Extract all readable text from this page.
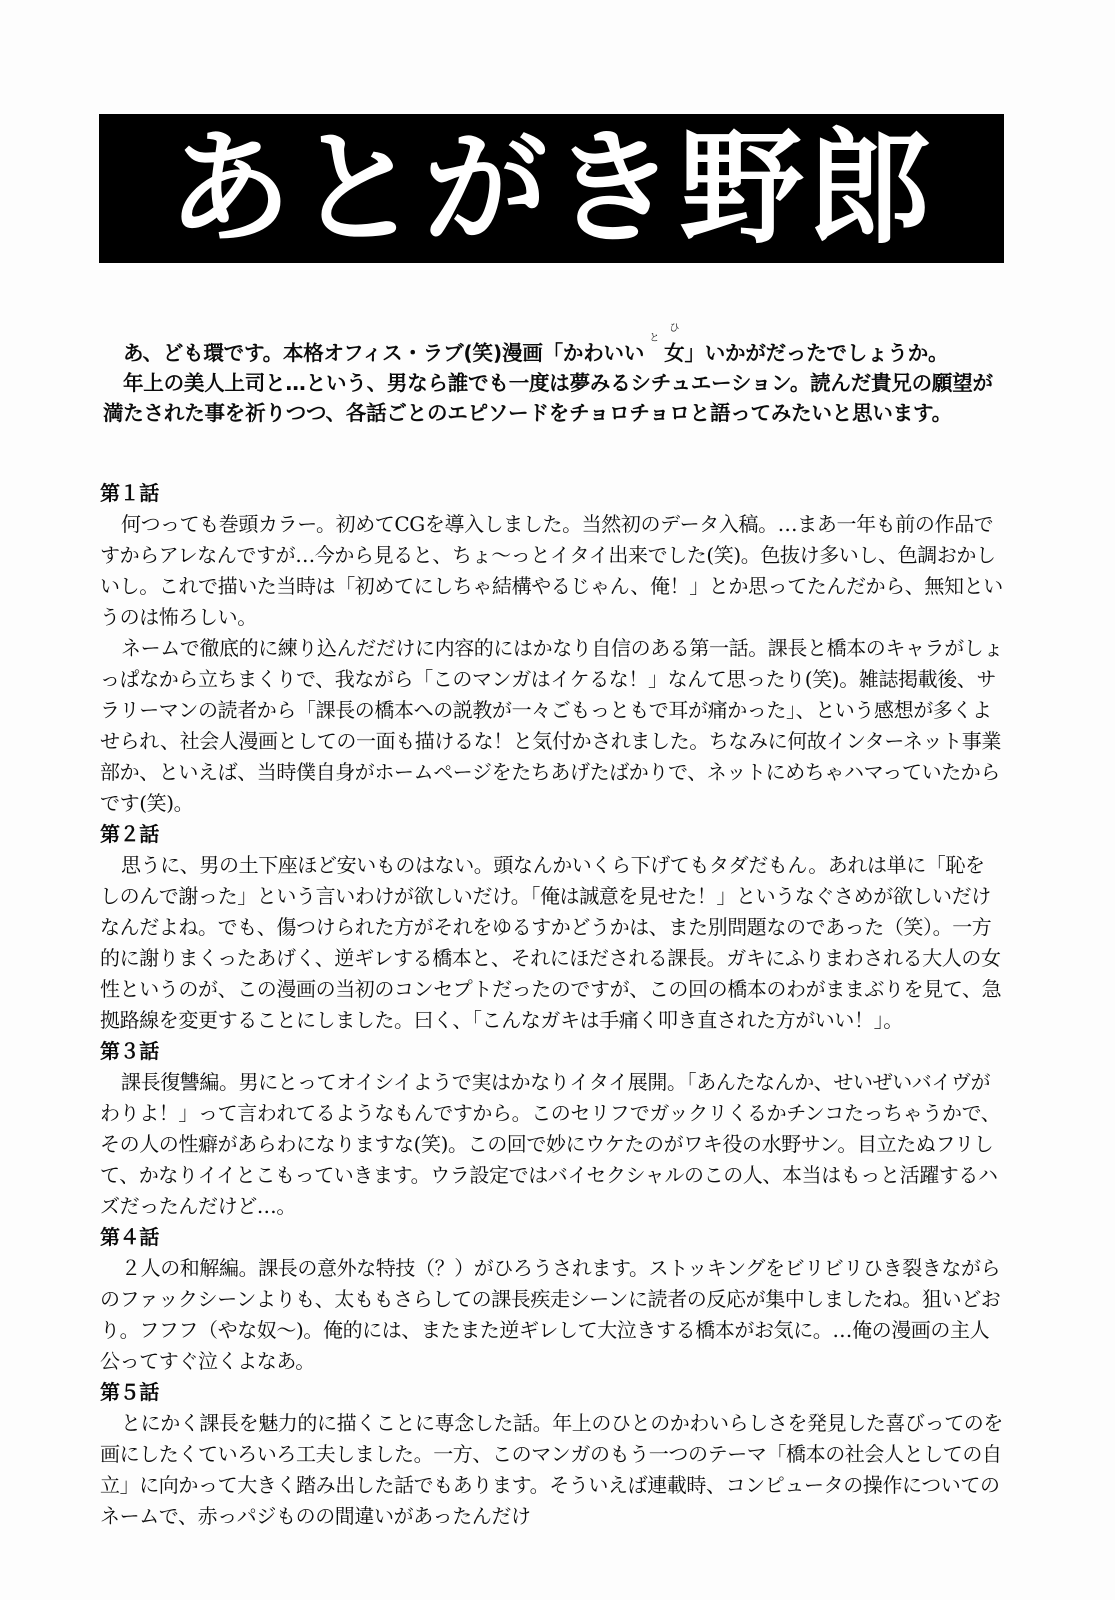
あとがき野郎

あ、ども環です。本格オフィス・ラブ(笑)漫画「かわいい
ひと
女」いかがだったでしょうか。

年上の美人上司と…という、男なら誰でも一度は夢みるシチュエーション。読んだ貴兄の願望が満たされた事を祈りつつ、各話ごとのエピソードをチョロチョロと語ってみたいと思います。

第１話

何つっても巻頭カラー。初めてCGを導入しました。当然初のデータ入稿。…まあ一年も前の作品ですからアレなんですが…今から見ると、ちょ〜っとイタイ出来でした(笑)。色抜け多いし、色調おかしいし。これで描いた当時は「初めてにしちゃ結構やるじゃん、俺！」とか思ってたんだから、無知というのは怖ろしい。

ネームで徹底的に練り込んだだけに内容的にはかなり自信のある第一話。課長と橋本のキャラがしょっぱなから立ちまくりで、我ながら「このマンガはイケるな！」なんて思ったり(笑)。雑誌掲載後、サラリーマンの読者から「課長の橋本への説教が一々ごもっともで耳が痛かった」、という感想が多くよせられ、社会人漫画としての一面も描けるな！と気付かされました。ちなみに何故インターネット事業部か、といえば、当時僕自身がホームページをたちあげたばかりで、ネットにめちゃハマっていたからです(笑)。

第２話

思うに、男の土下座ほど安いものはない。頭なんかいくら下げてもタダだもん。あれは単に「恥をしのんで謝った」という言いわけが欲しいだけ。「俺は誠意を見せた！」というなぐさめが欲しいだけなんだよね。でも、傷つけられた方がそれをゆるすかどうかは、また別問題なのであった（笑）。一方的に謝りまくったあげく、逆ギレする橋本と、それにほだされる課長。ガキにふりまわされる大人の女性というのが、この漫画の当初のコンセプトだったのですが、この回の橋本のわがままぶりを見て、急拠路線を変更することにしました。曰く、「こんなガキは手痛く叩き直された方がいい！」。

第３話

課長復讐編。男にとってオイシイようで実はかなりイタイ展開。「あんたなんか、せいぜいバイヴがわりよ！」って言われてるようなもんですから。このセリフでガックリくるかチンコたっちゃうかで、その人の性癖があらわになりますな(笑)。この回で妙にウケたのがワキ役の水野サン。目立たぬフリして、かなりイイとこもっていきます。ウラ設定ではバイセクシャルのこの人、本当はもっと活躍するハズだったんだけど…。

第４話

２人の和解編。課長の意外な特技（？）がひろうされます。ストッキングをビリビリひき裂きながらのファックシーンよりも、太ももさらしての課長疾走シーンに読者の反応が集中しましたね。狙いどおり。フフフ（やな奴〜)。俺的には、またまた逆ギレして大泣きする橋本がお気に。…俺の漫画の主人公ってすぐ泣くよなあ。

第５話

とにかく課長を魅力的に描くことに専念した話。年上のひとのかわいらしさを発見した喜びってのを画にしたくていろいろ工夫しました。一方、このマンガのもう一つのテーマ「橋本の社会人としての自立」に向かって大きく踏み出した話でもあります。そういえば連載時、コンピュータの操作についてのネームで、赤っパジものの間違いがあったんだけ
